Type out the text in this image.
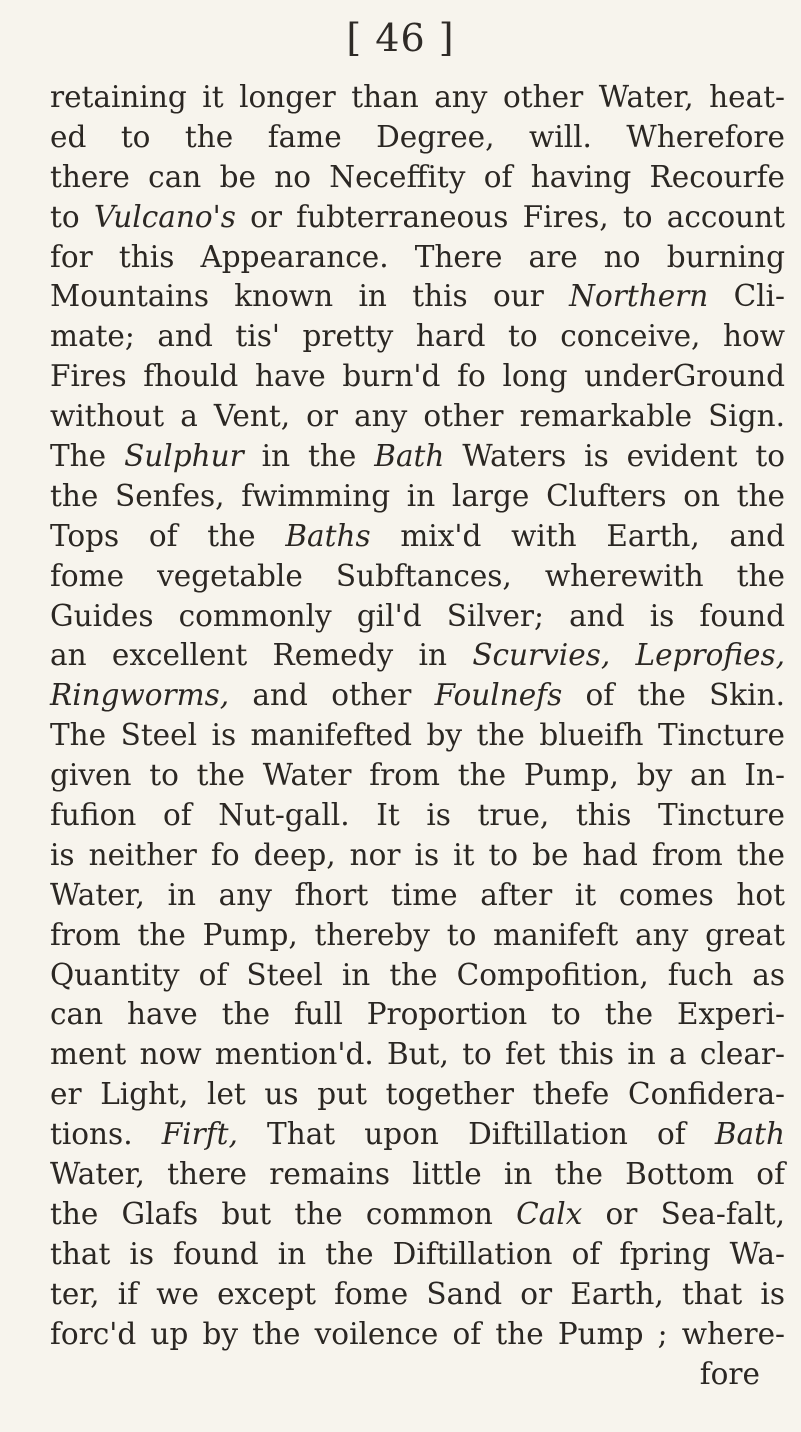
[ 46 ]
retaining it longer than any other Water, heat-
ed to the fame Degree, will. Wherefore
there can be no Neceffity of having Recourfe
to Vulcano's or fubterraneous Fires, to account
for this Appearance. There are no burning
Mountains known in this our Northern Cli-
mate; and tis' pretty hard to conceive, how
Fires fhould have burn'd fo long underGround
without a Vent, or any other remarkable Sign.
The Sulphur in the Bath Waters is evident to
the Senfes, fwimming in large Clufters on the
Tops of the Baths mix'd with Earth, and
fome vegetable Subftances, wherewith the
Guides commonly gil'd Silver; and is found
an excellent Remedy in Scurvies, Leprofies,
Ringworms, and other Foulnefs of the Skin.
The Steel is manifefted by the blueifh Tincture
given to the Water from the Pump, by an In-
fufion of Nut-gall. It is true, this Tincture
is neither fo deep, nor is it to be had from the
Water, in any fhort time after it comes hot
from the Pump, thereby to manifeft any great
Quantity of Steel in the Compofition, fuch as
can have the full Proportion to the Experi-
ment now mention'd. But, to fet this in a clear-
er Light, let us put together thefe Confidera-
tions. Firft, That upon Diftillation of Bath
Water, there remains little in the Bottom of
the Glafs but the common Calx or Sea-falt,
that is found in the Diftillation of fpring Wa-
ter, if we except fome Sand or Earth, that is
forc'd up by the voilence of the Pump ; where-
fore
